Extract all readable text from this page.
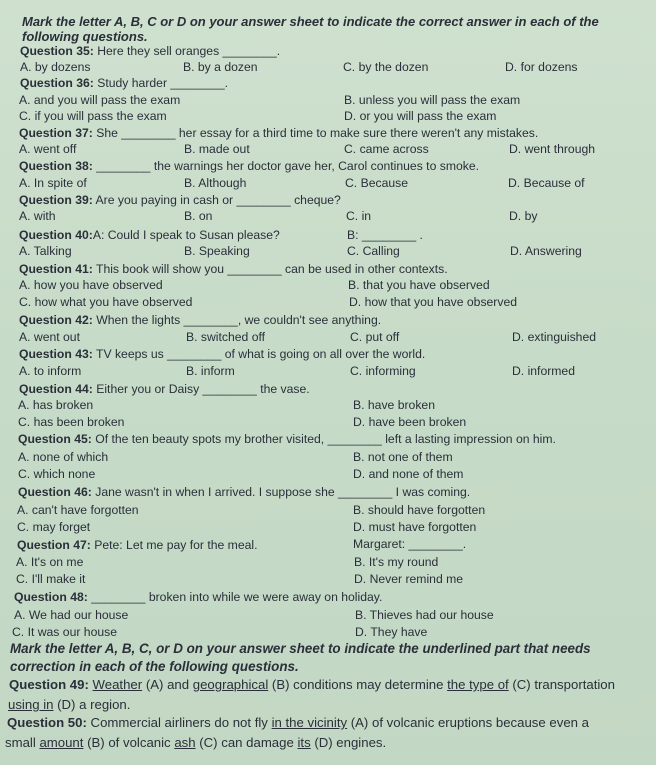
Mark the letter A, B, C or D on your answer sheet to indicate the correct answer in each of the
following questions.
Question 35: Here they sell oranges ________.
A. by dozens	B. by a dozen	C. by the dozen	D. for dozens
Question 36: Study harder ________.
A. and you will pass the exam	B. unless you will pass the exam
C. if you will pass the exam	D. or you will pass the exam
Question 37: She ________ her essay for a third time to make sure there weren't any mistakes.
A. went off	B. made out	C. came across	D. went through
Question 38: ________ the warnings her doctor gave her, Carol continues to smoke.
A. In spite of	B. Although	C. Because	D. Because of
Question 39: Are you paying in cash or ________ cheque?
A. with	B. on	C. in	D. by
Question 40:A: Could I speak to Susan please?	B: ________ .
A. Talking	B. Speaking	C. Calling	D. Answering
Question 41: This book will show you ________ can be used in other contexts.
A. how you have observed	B. that you have observed
C. how what you have observed	D. how that you have observed
Question 42: When the lights ________, we couldn't see anything.
A. went out	B. switched off	C. put off	D. extinguished
Question 43: TV keeps us ________ of what is going on all over the world.
A. to inform	B. inform	C. informing	D. informed
Question 44: Either you or Daisy ________ the vase.
A. has broken	B. have broken
C. has been broken	D. have been broken
Question 45: Of the ten beauty spots my brother visited, ________ left a lasting impression on him.
A. none of which	B. not one of them
C. which none	D. and none of them
Question 46: Jane wasn't in when I arrived. I suppose she ________ I was coming.
A. can't have forgotten	B. should have forgotten
C. may forget	D. must have forgotten
Question 47: Pete: Let me pay for the meal.	Margaret: ________.
A. It's on me	B. It's my round
C. I'll make it	D. Never remind me
Question 48: ________ broken into while we were away on holiday.
A. We had our house	B. Thieves had our house
C. It was our house	D. They have
Mark the letter A, B, C, or D on your answer sheet to indicate the underlined part that needs
correction in each of the following questions.
Question 49: Weather (A) and geographical (B) conditions may determine the type of (C) transportation
using in (D) a region.
Question 50: Commercial airliners do not fly in the vicinity (A) of volcanic eruptions because even a
small amount (B) of volcanic ash (C) can damage its (D) engines.
